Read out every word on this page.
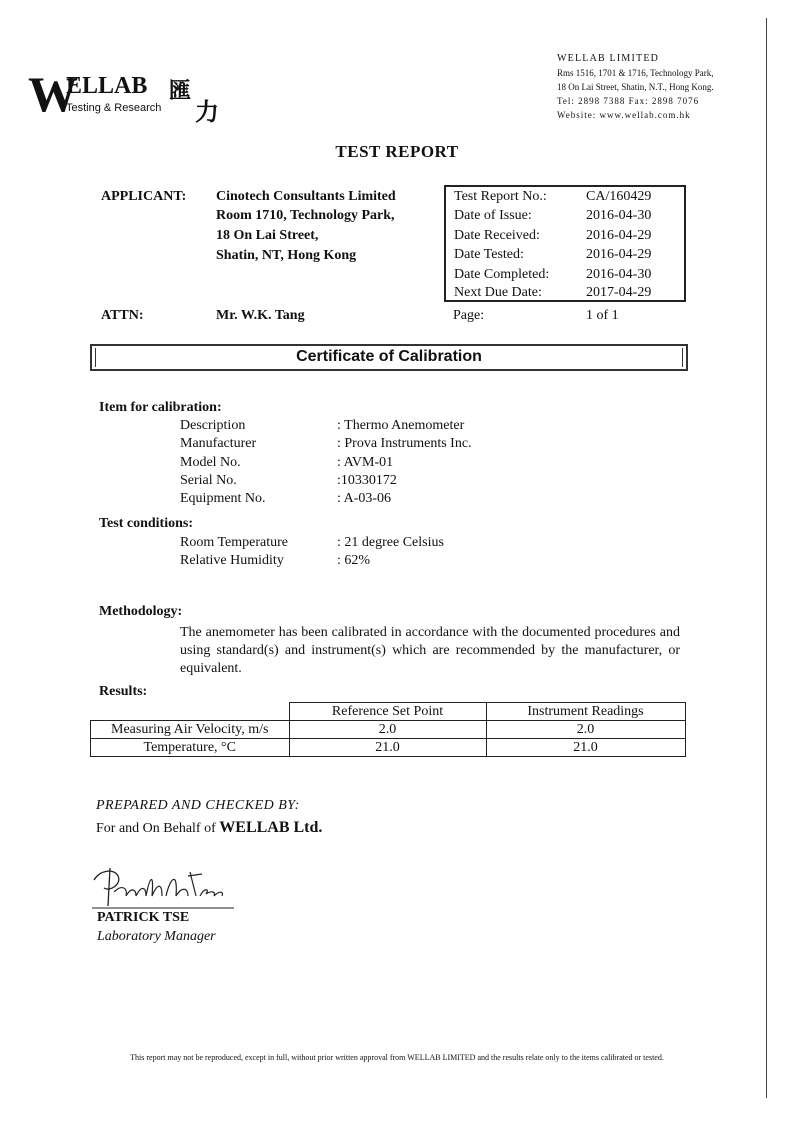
W
ELLAB
Testing & Research
匯
力
WELLAB LIMITED
Rms 1516, 1701 & 1716, Technology Park,
18 On Lai Street, Shatin, N.T., Hong Kong.
Tel: 2898 7388 Fax: 2898 7076
Website: www.wellab.com.hk
TEST REPORT
APPLICANT: Cinotech Consultants Limited
Room 1710, Technology Park,
18 On Lai Street,
Shatin, NT, Hong Kong
Test Report No.:	CA/160429
Date of Issue:	2016-04-30
Date Received:	2016-04-29
Date Tested:	2016-04-29
Date Completed:	2016-04-30
Next Due Date:	2017-04-29
ATTN:	Mr. W.K. Tang	Page:	1 of 1
Certificate of Calibration
Item for calibration:
Description	: Thermo Anemometer
Manufacturer	: Prova Instruments Inc.
Model No.	: AVM-01
Serial No.	:10330172
Equipment No.	: A-03-06
Test conditions:
Room Temperature	: 21 degree Celsius
Relative Humidity	: 62%
Methodology:
The anemometer has been calibrated in accordance with the documented procedures and using standard(s) and instrument(s) which are recommended by the manufacturer, or equivalent.
Results:
	Reference Set Point	Instrument Readings
Measuring Air Velocity, m/s	2.0	2.0
Temperature, °C	21.0	21.0
PREPARED AND CHECKED BY:
For and On Behalf of WELLAB Ltd.
PATRICK TSE
Laboratory Manager
This report may not be reproduced, except in full, without prior written approval from WELLAB LIMITED and the results relate only to the items calibrated or tested.
